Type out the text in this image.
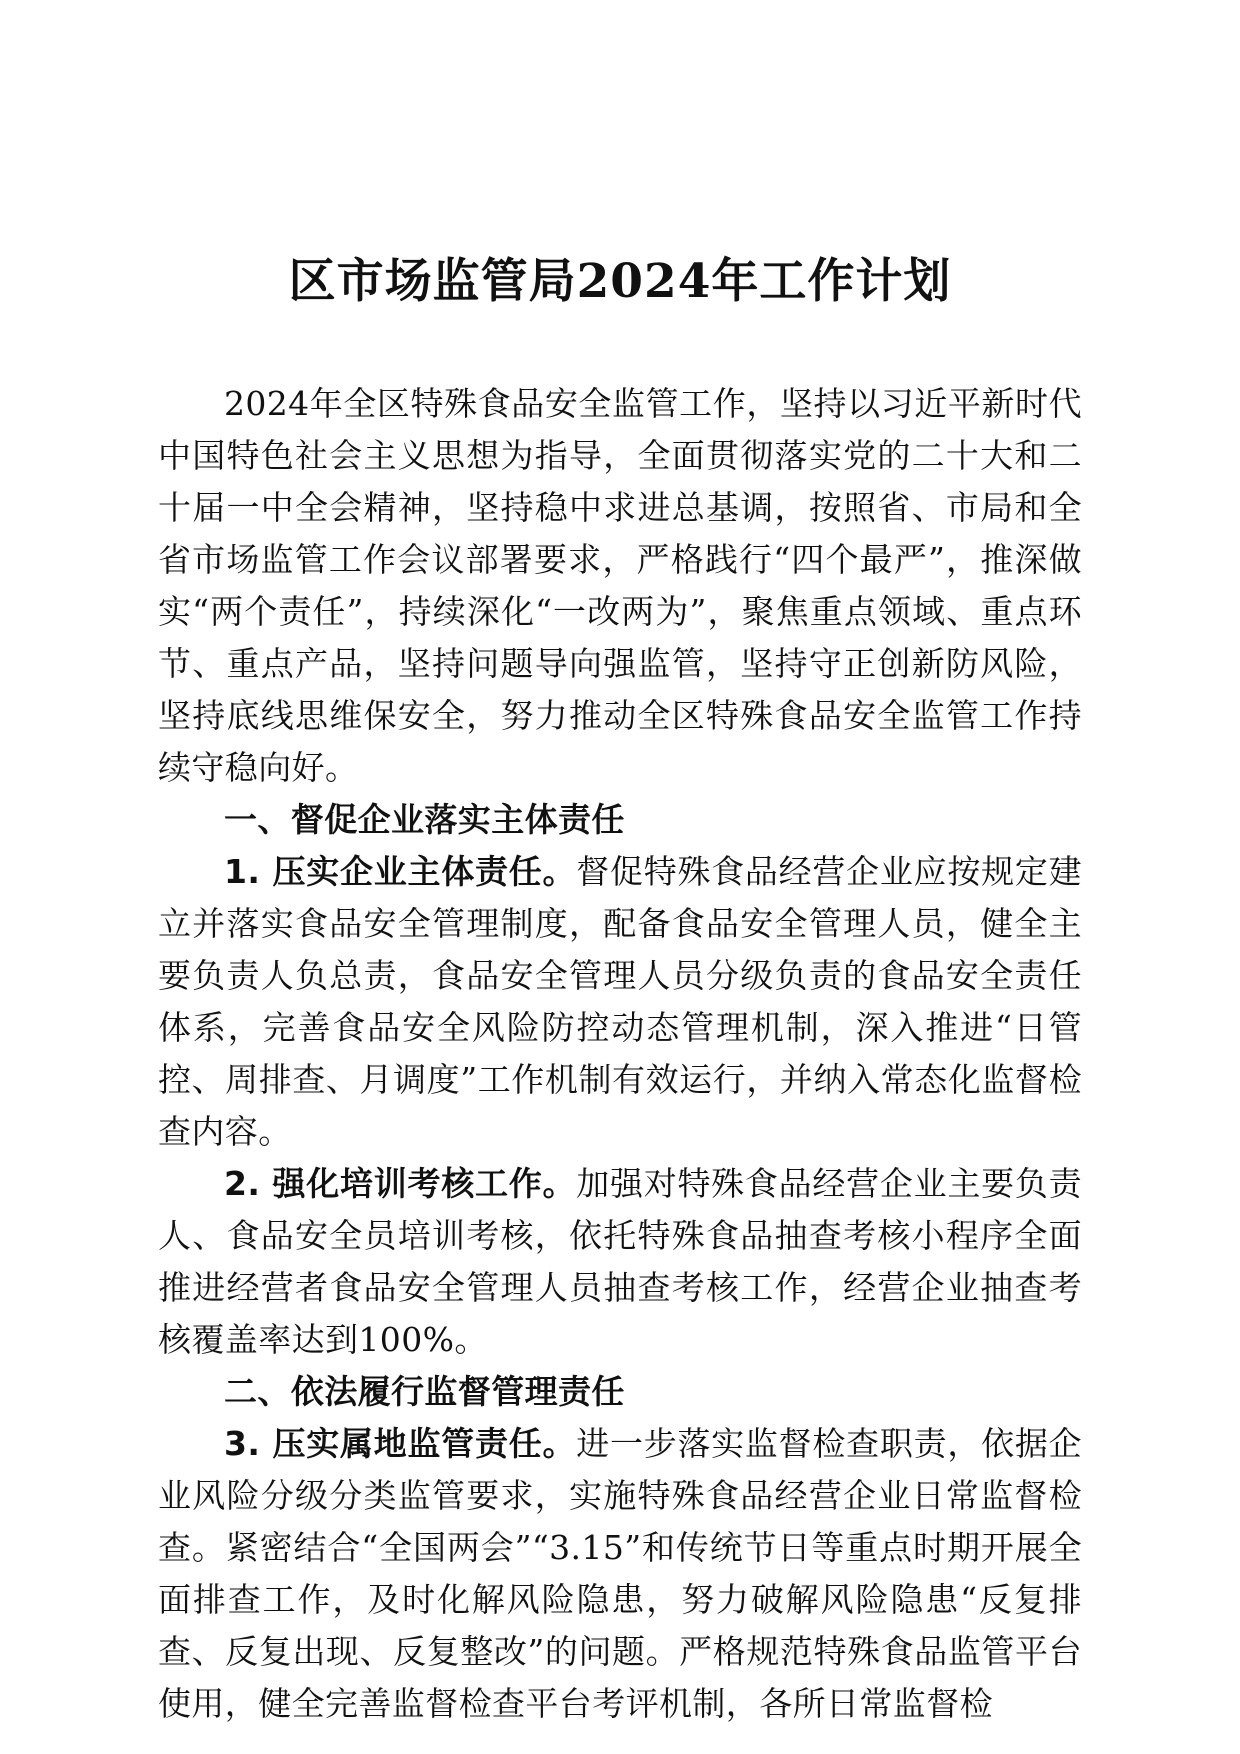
区市场监管局2024年工作计划

2024年全区特殊食品安全监管工作，坚持以习近平新时代中国特色社会主义思想为指导，全面贯彻落实党的二十大和二十届一中全会精神，坚持稳中求进总基调，按照省、市局和全省市场监管工作会议部署要求，严格践行“四个最严”，推深做实“两个责任”，持续深化“一改两为”，聚焦重点领域、重点环节、重点产品，坚持问题导向强监管，坚持守正创新防风险，坚持底线思维保安全，努力推动全区特殊食品安全监管工作持续守稳向好。

一、督促企业落实主体责任

1. 压实企业主体责任。督促特殊食品经营企业应按规定建立并落实食品安全管理制度，配备食品安全管理人员，健全主要负责人负总责，食品安全管理人员分级负责的食品安全责任体系，完善食品安全风险防控动态管理机制，深入推进“日管控、周排查、月调度”工作机制有效运行，并纳入常态化监督检查内容。

2. 强化培训考核工作。加强对特殊食品经营企业主要负责人、食品安全员培训考核，依托特殊食品抽查考核小程序全面推进经营者食品安全管理人员抽查考核工作，经营企业抽查考核覆盖率达到100%。

二、依法履行监督管理责任

3. 压实属地监管责任。进一步落实监督检查职责，依据企业风险分级分类监管要求，实施特殊食品经营企业日常监督检查。紧密结合“全国两会”“3.15”和传统节日等重点时期开展全面排查工作，及时化解风险隐患，努力破解风险隐患“反复排查、反复出现、反复整改”的问题。严格规范特殊食品监管平台使用，健全完善监督检查平台考评机制，各所日常监督检
